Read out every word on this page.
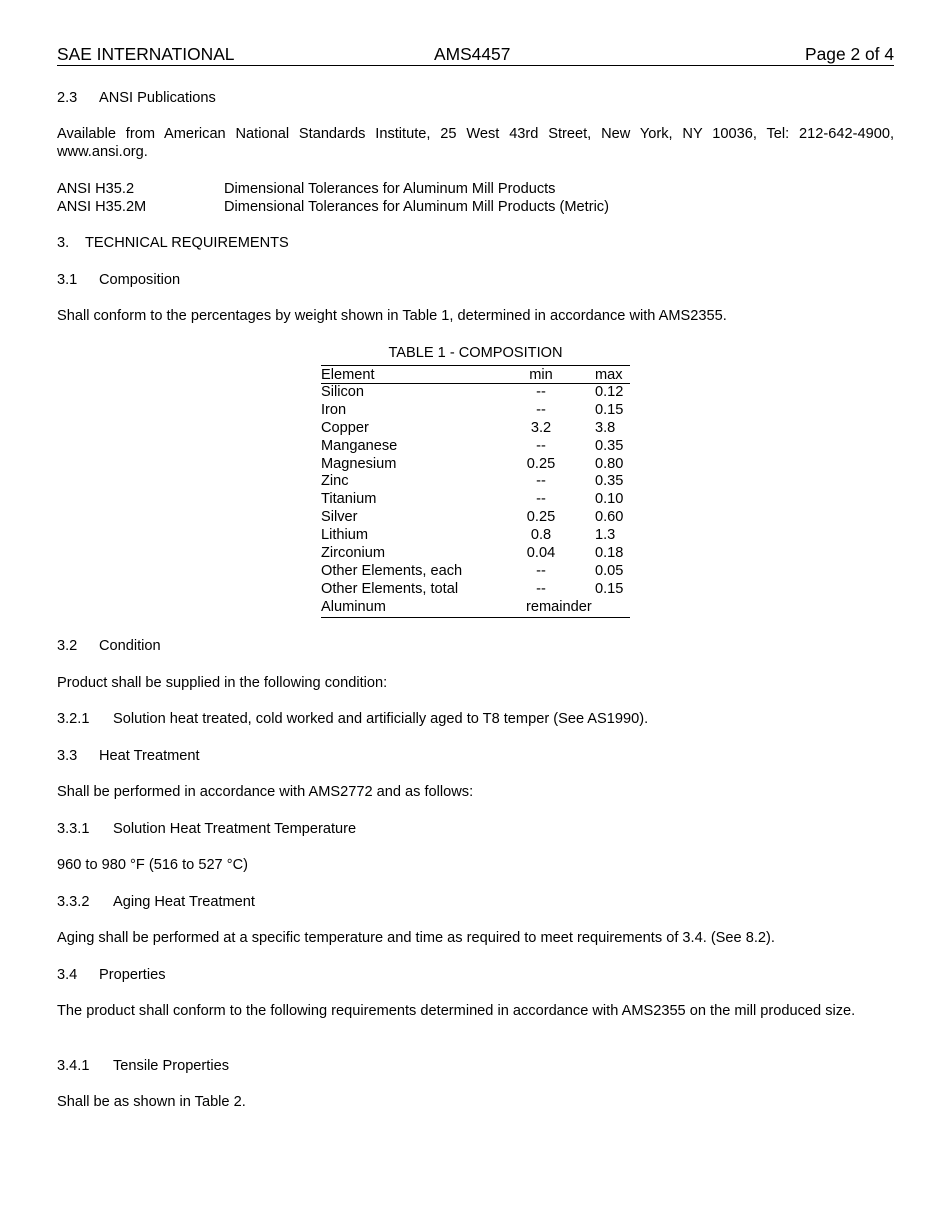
SAE INTERNATIONAL	AMS4457	Page 2 of 4
2.3 ANSI Publications
Available from American National Standards Institute, 25 West 43rd Street, New York, NY 10036, Tel: 212-642-4900, www.ansi.org.
ANSI H35.2	Dimensional Tolerances for Aluminum Mill Products
ANSI H35.2M	Dimensional Tolerances for Aluminum Mill Products (Metric)
3. TECHNICAL REQUIREMENTS
3.1 Composition
Shall conform to the percentages by weight shown in Table 1, determined in accordance with AMS2355.
TABLE 1 - COMPOSITION
Element	min	max
Silicon	--	0.12
Iron	--	0.15
Copper	3.2	3.8
Manganese	--	0.35
Magnesium	0.25	0.80
Zinc	--	0.35
Titanium	--	0.10
Silver	0.25	0.60
Lithium	0.8	1.3
Zirconium	0.04	0.18
Other Elements, each	--	0.05
Other Elements, total	--	0.15
Aluminum	remainder
3.2 Condition
Product shall be supplied in the following condition:
3.2.1 Solution heat treated, cold worked and artificially aged to T8 temper (See AS1990).
3.3 Heat Treatment
Shall be performed in accordance with AMS2772 and as follows:
3.3.1 Solution Heat Treatment Temperature
960 to 980 °F (516 to 527 °C)
3.3.2 Aging Heat Treatment
Aging shall be performed at a specific temperature and time as required to meet requirements of 3.4. (See 8.2).
3.4 Properties
The product shall conform to the following requirements determined in accordance with AMS2355 on the mill produced size.
3.4.1 Tensile Properties
Shall be as shown in Table 2.
